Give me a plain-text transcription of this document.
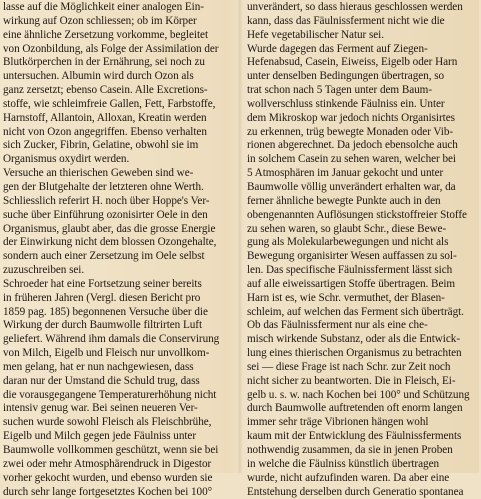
lasse auf die Möglichkeit einer analogen Ein-
wirkung auf Ozon schliessen; ob im Körper
eine ähnliche Zersetzung vorkomme, begleitet
von Ozonbildung, als Folge der Assimilation der
Blutkörperchen in der Ernährung, sei noch zu
untersuchen. Albumin wird durch Ozon als
ganz zersetzt; ebenso Casein. Alle Excretions-
stoffe, wie schleimfreie Gallen, Fett, Farbstoffe,
Harnstoff, Allantoin, Alloxan, Kreatin werden
nicht von Ozon angegriffen. Ebenso verhalten
sich Zucker, Fibrin, Gelatine, obwohl sie im
Organismus oxydirt werden.
Versuche an thierischen Geweben sind we-
gen der Blutgehalte der letzteren ohne Werth.
Schliesslich referirt H. noch über Hoppe's Ver-
suche über Einführung ozonisirter Oele in den
Organismus, glaubt aber, das die grosse Energie
der Einwirkung nicht dem blossen Ozongehalte,
sondern auch einer Zersetzung im Oele selbst
zuzuschreiben sei.
Schroeder hat eine Fortsetzung seiner bereits
in früheren Jahren (Vergl. diesen Bericht pro
1859 pag. 185) begonnenen Versuche über die
Wirkung der durch Baumwolle filtrirten Luft
geliefert. Während ihm damals die Conservirung
von Milch, Eigelb und Fleisch nur unvollkom-
men gelang, hat er nun nachgewiesen, dass
daran nur der Umstand die Schuld trug, dass
die vorausgegangene Temperaturerhöhung nicht
intensiv genug war. Bei seinen neueren Ver-
suchen wurde sowohl Fleisch als Fleischbrühe,
Eigelb und Milch gegen jede Fäulniss unter
Baumwolle vollkommen geschützt, wenn sie bei
zwei oder mehr Atmosphärendruck in Digestor
vorher gekocht wurden, und ebenso wurden sie
durch sehr lange fortgesetztes Kochen bei 100°
unverändert, so dass hieraus geschlossen werden
kann, dass das Fäulnissferment nicht wie die
Hefe vegetabilischer Natur sei.
Wurde dagegen das Ferment auf Ziegen-
Hefenabsud, Casein, Eiweiss, Eigelb oder Harn
unter denselben Bedingungen übertragen, so
trat schon nach 5 Tagen unter dem Baum-
wollverschluss stinkende Fäulniss ein. Unter
dem Mikroskop war jedoch nichts Organisirtes
zu erkennen, trüg bewegte Monaden oder Vib-
rionen abgerechnet. Da jedoch ebensolche auch
in solchem Casein zu sehen waren, welcher bei
5 Atmosphären im Januar gekocht und unter
Baumwolle völlig unverändert erhalten war, da
ferner ähnliche bewegte Punkte auch in den
obengenannten Auflösungen stickstoffreier Stoffe
zu sehen waren, so glaubt Schr., diese Bewe-
gung als Molekularbewegungen und nicht als
Bewegung organisirter Wesen auffassen zu sol-
len. Das specifische Fäulnissferment lässt sich
auf alle eiweissartigen Stoffe übertragen. Beim
Harn ist es, wie Schr. vermuthet, der Blasen-
schleim, auf welchen das Ferment sich überträgt.
Ob das Fäulnissferment nur als eine che-
misch wirkende Substanz, oder als die Entwick-
lung eines thierischen Organismus zu betrachten
sei — diese Frage ist nach Schr. zur Zeit noch
nicht sicher zu beantworten. Die in Fleisch, Ei-
gelb u. s. w. nach Kochen bei 100° und Schützung
durch Baumwolle auftretenden oft enorm langen
immer sehr träge Vibrionen hängen wohl
kaum mit der Entwicklung des Fäulnissferments
nothwendig zusammen, da sie in jenen Proben
in welche die Fäulniss künstlich übertragen
wurde, nicht aufzufinden waren. Da aber eine
Entstehung derselben durch Generatio spontanea
